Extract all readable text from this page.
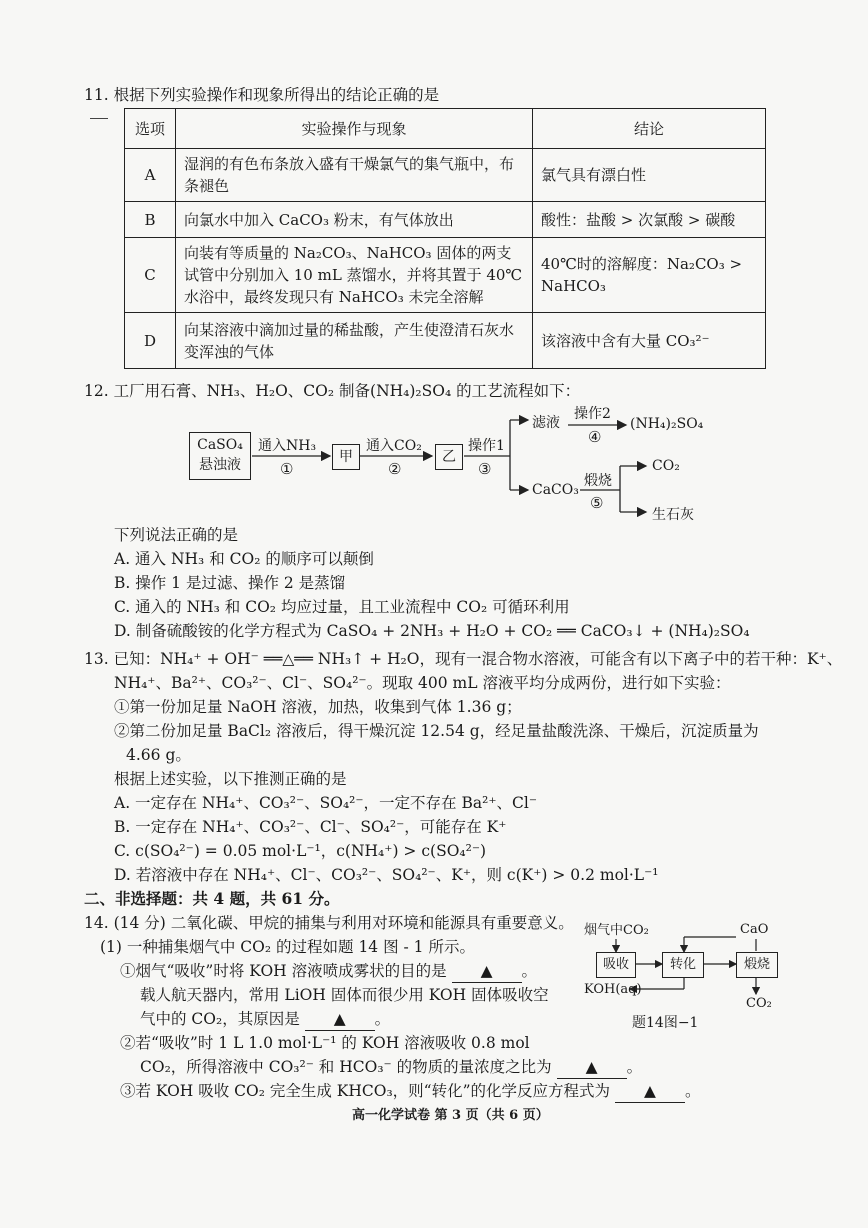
11. 根据下列实验操作和现象所得出的结论正确的是
选项	实验操作与现象	结论
A	湿润的有色布条放入盛有干燥氯气的集气瓶中，布条褪色	氯气具有漂白性
B	向氯水中加入 CaCO₃ 粉末，有气体放出	酸性：盐酸 > 次氯酸 > 碳酸
C	向装有等质量的 Na₂CO₃、NaHCO₃ 固体的两支试管中分别加入 10 mL 蒸馏水，并将其置于 40℃ 水浴中，最终发现只有 NaHCO₃ 未完全溶解	40℃时的溶解度：Na₂CO₃ > NaHCO₃
D	向某溶液中滴加过量的稀盐酸，产生使澄清石灰水变浑浊的气体	该溶液中含有大量 CO₃²⁻
12. 工厂用石膏、NH₃、H₂O、CO₂ 制备(NH₄)₂SO₄ 的工艺流程如下：
CaSO₄
悬浊液
通入NH₃
①
甲
通入CO₂
②
乙
操作1
③
滤液
操作2
④
(NH₄)₂SO₄
CaCO₃
煅烧
⑤
CO₂
生石灰
下列说法正确的是
A. 通入 NH₃ 和 CO₂ 的顺序可以颠倒
B. 操作 1 是过滤、操作 2 是蒸馏
C. 通入的 NH₃ 和 CO₂ 均应过量，且工业流程中 CO₂ 可循环利用
D. 制备硫酸铵的化学方程式为 CaSO₄ + 2NH₃ + H₂O + CO₂ ══ CaCO₃↓ + (NH₄)₂SO₄
13. 已知：NH₄⁺ + OH⁻ ══△══ NH₃↑ + H₂O，现有一混合物水溶液，可能含有以下离子中的若干种：K⁺、
NH₄⁺、Ba²⁺、CO₃²⁻、Cl⁻、SO₄²⁻。现取 400 mL 溶液平均分成两份，进行如下实验：
①第一份加足量 NaOH 溶液，加热，收集到气体 1.36 g；
②第二份加足量 BaCl₂ 溶液后，得干燥沉淀 12.54 g，经足量盐酸洗涤、干燥后，沉淀质量为
4.66 g。
根据上述实验，以下推测正确的是
A. 一定存在 NH₄⁺、CO₃²⁻、SO₄²⁻，一定不存在 Ba²⁺、Cl⁻
B. 一定存在 NH₄⁺、CO₃²⁻、Cl⁻、SO₄²⁻，可能存在 K⁺
C. c(SO₄²⁻) = 0.05 mol·L⁻¹，c(NH₄⁺) > c(SO₄²⁻)
D. 若溶液中存在 NH₄⁺、Cl⁻、CO₃²⁻、SO₄²⁻、K⁺，则 c(K⁺) > 0.2 mol·L⁻¹
二、非选择题：共 4 题，共 61 分。
14. (14 分) 二氧化碳、甲烷的捕集与利用对环境和能源具有重要意义。
(1) 一种捕集烟气中 CO₂ 的过程如题 14 图 - 1 所示。
①烟气“吸收”时将 KOH 溶液喷成雾状的目的是 ▲ 。
载人航天器内，常用 LiOH 固体而很少用 KOH 固体吸收空
气中的 CO₂，其原因是 ▲ 。
②若“吸收”时 1 L 1.0 mol·L⁻¹ 的 KOH 溶液吸收 0.8 mol
CO₂，所得溶液中 CO₃²⁻ 和 HCO₃⁻ 的物质的量浓度之比为 ▲ 。
③若 KOH 吸收 CO₂ 完全生成 KHCO₃，则“转化”的化学反应方程式为 ▲ 。
烟气中CO₂	CaO
吸收	转化	煅烧
KOH(aq)
CO₂
题14图−1
高一化学试卷 第 3 页（共 6 页）
